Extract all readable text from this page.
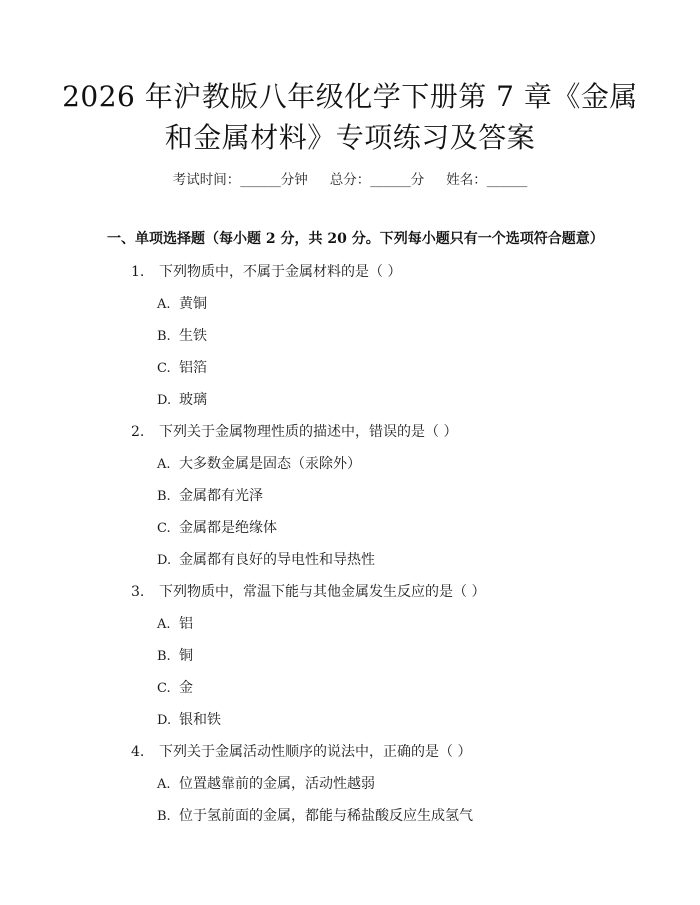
2026 年沪教版八年级化学下册第 7 章《金属
和金属材料》专项练习及答案
考试时间：______分钟 总分：______分 姓名：______
一、单项选择题（每小题 2 分，共 20 分。下列每小题只有一个选项符合题意）
1. 下列物质中，不属于金属材料的是（ ）
A. 黄铜
B. 生铁
C. 铝箔
D. 玻璃
2. 下列关于金属物理性质的描述中，错误的是（ ）
A. 大多数金属是固态（汞除外）
B. 金属都有光泽
C. 金属都是绝缘体
D. 金属都有良好的导电性和导热性
3. 下列物质中，常温下能与其他金属发生反应的是（ ）
A. 铝
B. 铜
C. 金
D. 银和铁
4. 下列关于金属活动性顺序的说法中，正确的是（ ）
A. 位置越靠前的金属，活动性越弱
B. 位于氢前面的金属，都能与稀盐酸反应生成氢气
